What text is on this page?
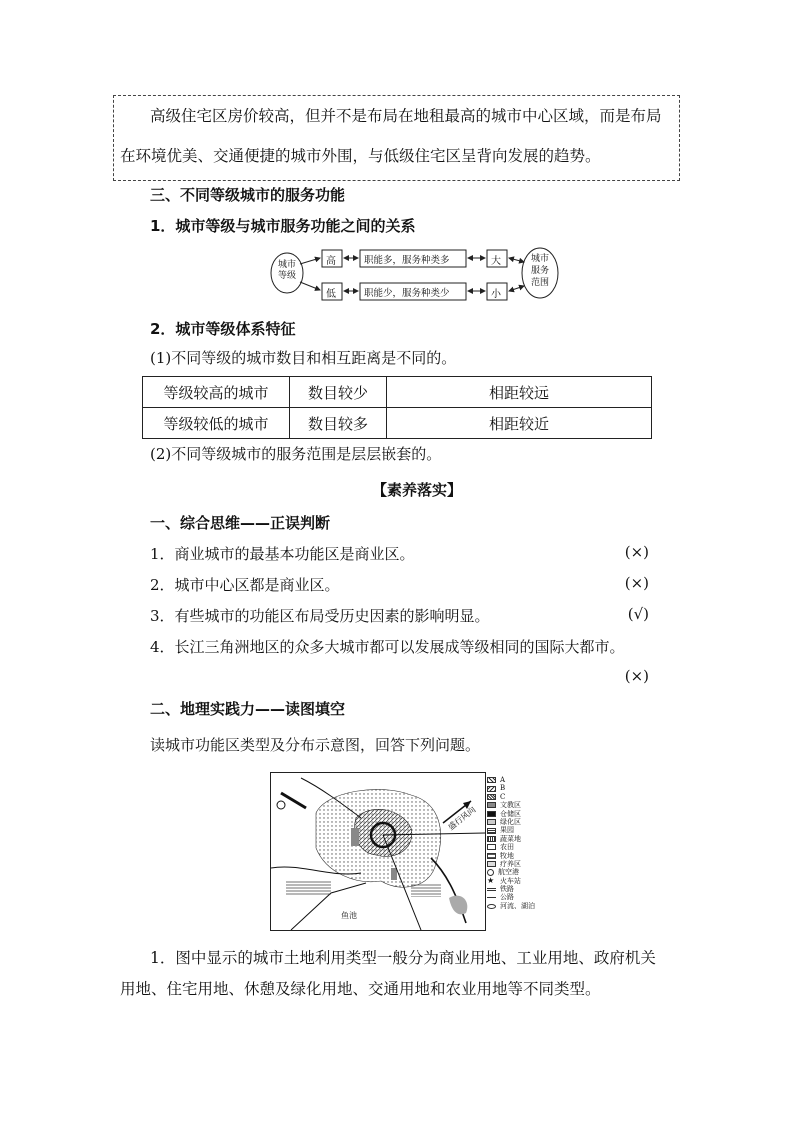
高级住宅区房价较高，但并不是布局在地租最高的城市中心区域，而是布局

在环境优美、交通便捷的城市外围，与低级住宅区呈背向发展的趋势。

三、不同等级城市的服务功能
1．城市等级与城市服务功能之间的关系
城市等级
高
低
职能多，服务种类多
职能少，服务种类少
大
小
城市服务范围
2．城市等级体系特征
(1)不同等级的城市数目和相互距离是不同的。
等级较高的城市	数目较少	相距较远
等级较低的城市	数目较多	相距较近
(2)不同等级城市的服务范围是层层嵌套的。
【素养落实】
一、综合思维——正误判断
1．商业城市的最基本功能区是商业区。	(×)
2．城市中心区都是商业区。	(×)
3．有些城市的功能区布局受历史因素的影响明显。	(√)
4．长江三角洲地区的众多大城市都可以发展成等级相同的国际大都市。
(×)
二、地理实践力——读图填空
读城市功能区类型及分布示意图，回答下列问题。
盛行风向
鱼池
A
B
C
文教区
仓储区
绿化区
果园
蔬菜地
农田
牧地
疗养区
航空港
★ 火车站
铁路
公路
河流、湖泊
1．图中显示的城市土地利用类型一般分为商业用地、工业用地、政府机关
用地、住宅用地、休憩及绿化用地、交通用地和农业用地等不同类型。
